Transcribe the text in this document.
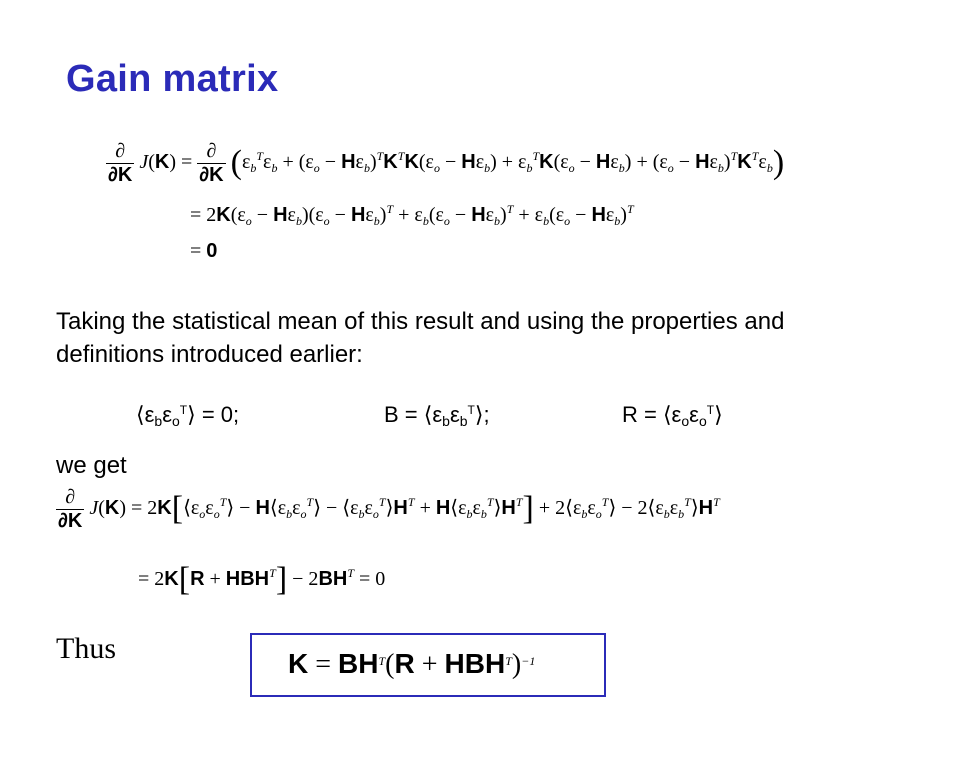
Gain matrix
$\frac{\partial}{\partial K} J(K) = \frac{\partial}{\partial K} (\varepsilon_b^T\varepsilon_b + (\varepsilon_o - H\varepsilon_b)^TK^TK(\varepsilon_o - H\varepsilon_b) + \varepsilon_b^TK(\varepsilon_o - H\varepsilon_b) + (\varepsilon_o - H\varepsilon_b)^TK^T\varepsilon_b)$
= $2K(\varepsilon_o - H\varepsilon_b)(\varepsilon_o - H\varepsilon_b)^T + \varepsilon_b(\varepsilon_o - H\varepsilon_b)^T + \varepsilon_b(\varepsilon_o - H\varepsilon_b)^T$
= 0
Taking the statistical mean of this result and using the properties and
definitions introduced earlier:
$⟨\varepsilon_b\varepsilon_o^T⟩ = 0$;	$B = ⟨\varepsilon_b\varepsilon_b^T⟩$;	$R = ⟨\varepsilon_o\varepsilon_o^T⟩$
we get
$\frac{\partial}{\partial K} J(K)$ = $2K[⟨\varepsilon_o\varepsilon_o^T⟩$ − $H⟨\varepsilon_b\varepsilon_o^T⟩$ − $⟨\varepsilon_b\varepsilon_o^T⟩H^T$ + $H⟨\varepsilon_b\varepsilon_b^T⟩H^T$] + $2⟨\varepsilon_b\varepsilon_o^T⟩$ − $2⟨\varepsilon_b\varepsilon_b^T⟩H^T$
= $2K[R + HBH^T] - 2BH^T = 0$
Thus	$K = BH^T(R + HBH^T)^{-1}$
